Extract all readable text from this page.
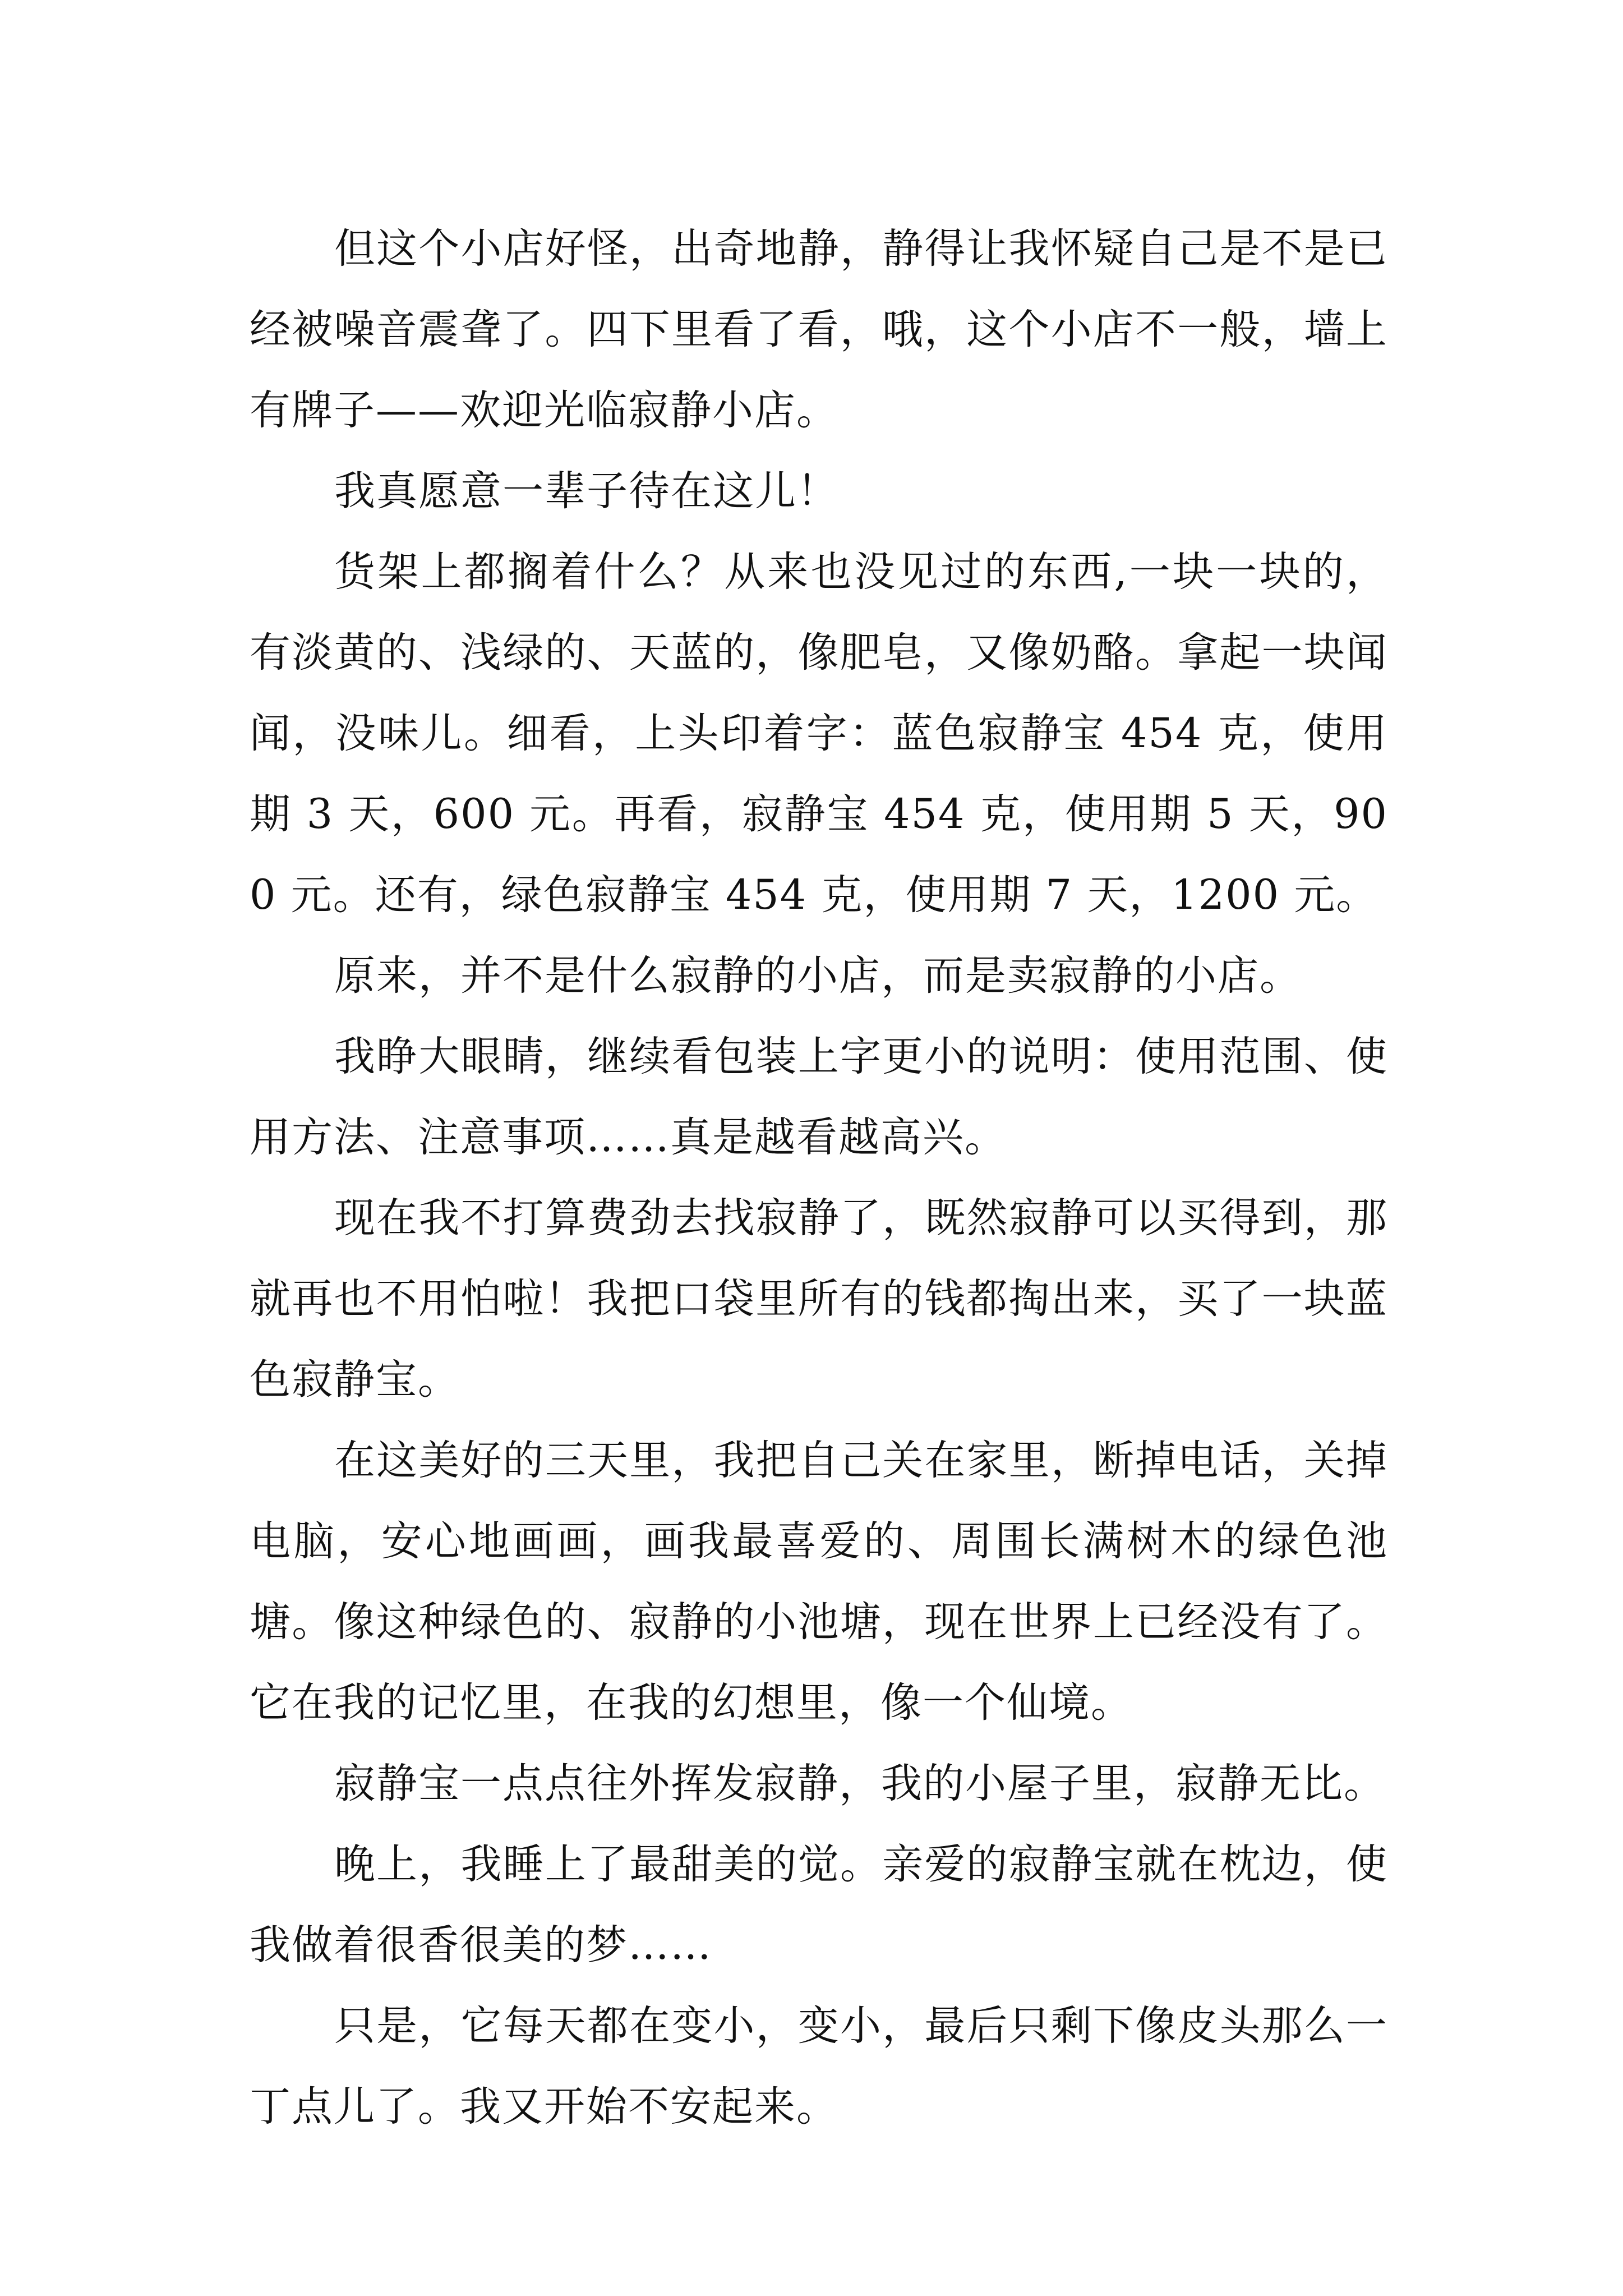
但这个小店好怪，出奇地静，静得让我怀疑自己是不是已经被噪音震聋了。四下里看了看，哦，这个小店不一般，墙上有牌子——欢迎光临寂静小店。

我真愿意一辈子待在这儿！

货架上都搁着什么？从来也没见过的东西,一块一块的，有淡黄的、浅绿的、天蓝的，像肥皂，又像奶酪。拿起一块闻闻，没味儿。细看，上头印着字：蓝色寂静宝 454 克，使用期 3 天，600 元。再看，寂静宝 454 克，使用期 5 天，900 元。还有，绿色寂静宝 454 克，使用期 7 天，1200 元。

原来，并不是什么寂静的小店，而是卖寂静的小店。

我睁大眼睛，继续看包装上字更小的说明：使用范围、使用方法、注意事项……真是越看越高兴。

现在我不打算费劲去找寂静了，既然寂静可以买得到，那就再也不用怕啦！我把口袋里所有的钱都掏出来，买了一块蓝色寂静宝。

在这美好的三天里，我把自己关在家里，断掉电话，关掉电脑，安心地画画，画我最喜爱的、周围长满树木的绿色池塘。像这种绿色的、寂静的小池塘，现在世界上已经没有了。它在我的记忆里，在我的幻想里，像一个仙境。

寂静宝一点点往外挥发寂静，我的小屋子里，寂静无比。

晚上，我睡上了最甜美的觉。亲爱的寂静宝就在枕边，使我做着很香很美的梦……

只是，它每天都在变小，变小，最后只剩下像皮头那么一丁点儿了。我又开始不安起来。
